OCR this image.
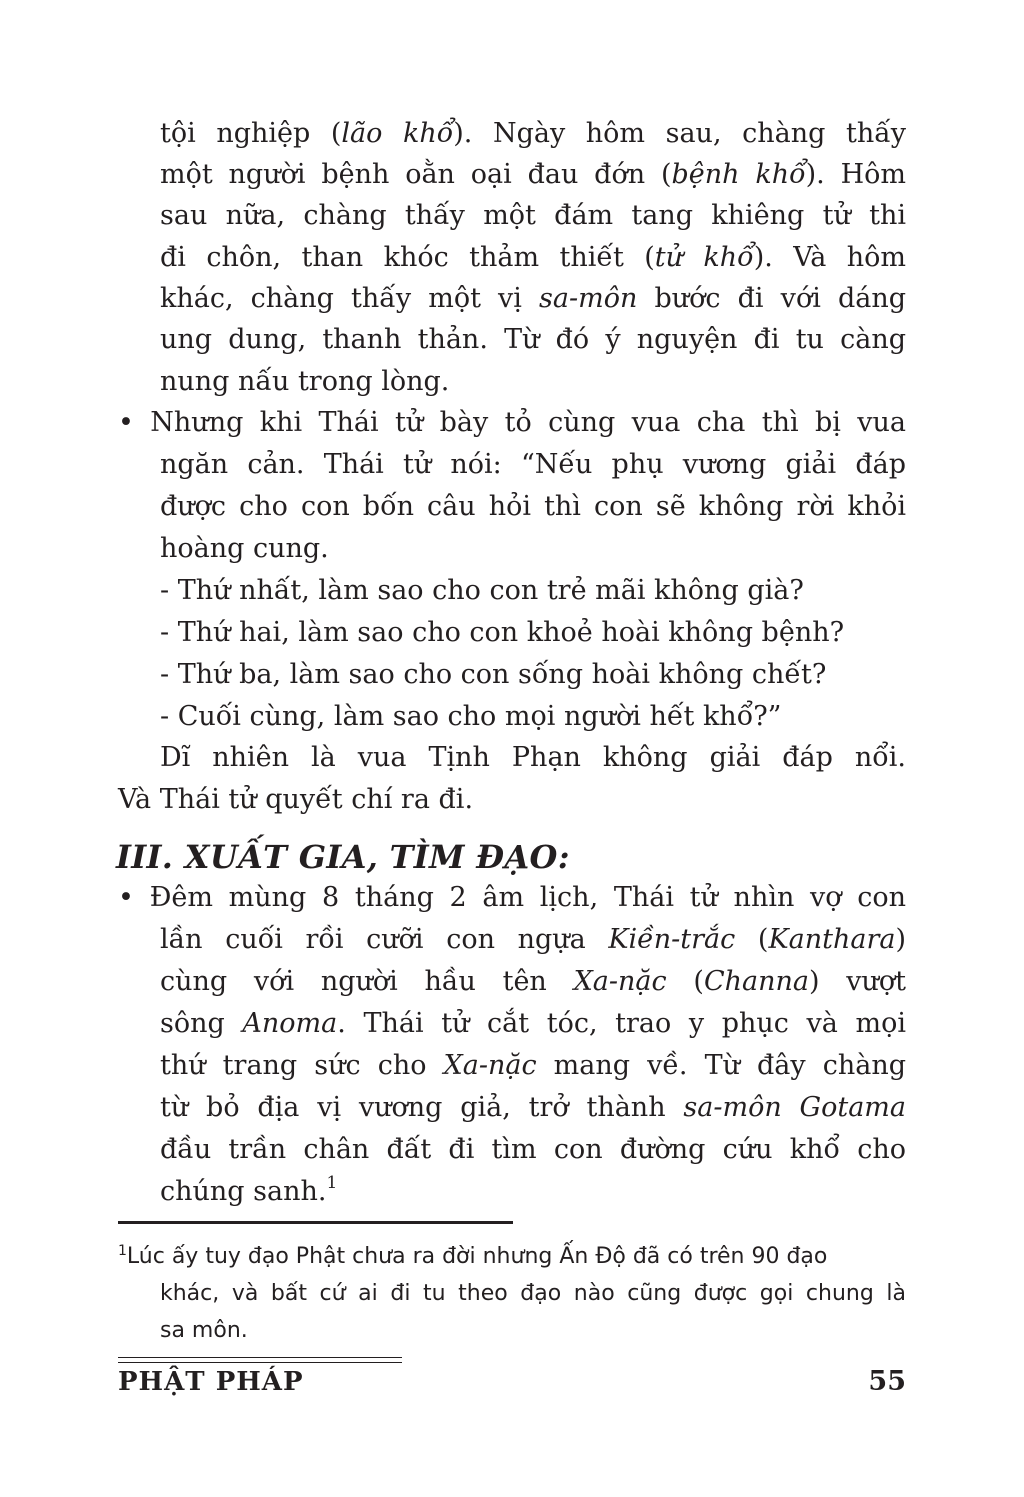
tội nghiệp (lão khổ). Ngày hôm sau, chàng thấy
một người bệnh oằn oại đau đớn (bệnh khổ). Hôm
sau nữa, chàng thấy một đám tang khiêng tử thi
đi chôn, than khóc thảm thiết (tử khổ). Và hôm
khác, chàng thấy một vị sa-môn bước đi với dáng
ung dung, thanh thản. Từ đó ý nguyện đi tu càng
nung nấu trong lòng.
• Nhưng khi Thái tử bày tỏ cùng vua cha thì bị vua
ngăn cản. Thái tử nói: “Nếu phụ vương giải đáp
được cho con bốn câu hỏi thì con sẽ không rời khỏi
hoàng cung.
- Thứ nhất, làm sao cho con trẻ mãi không già?
- Thứ hai, làm sao cho con khoẻ hoài không bệnh?
- Thứ ba, làm sao cho con sống hoài không chết?
- Cuối cùng, làm sao cho mọi người hết khổ?”
Dĩ nhiên là vua Tịnh Phạn không giải đáp nổi.
Và Thái tử quyết chí ra đi.
III. XUẤT GIA, TÌM ĐẠO:
• Đêm mùng 8 tháng 2 âm lịch, Thái tử nhìn vợ con
lần cuối rồi cưỡi con ngựa Kiền-trắc (Kanthara)
cùng với người hầu tên Xa-nặc (Channa) vượt
sông Anoma. Thái tử cắt tóc, trao y phục và mọi
thứ trang sức cho Xa-nặc mang về. Từ đây chàng
từ bỏ địa vị vương giả, trở thành sa-môn Gotama
đầu trần chân đất đi tìm con đường cứu khổ cho
chúng sanh.$^1$
$^1$Lúc ấy tuy đạo Phật chưa ra đời nhưng Ấn Độ đã có trên 90 đạo
khác, và bất cứ ai đi tu theo đạo nào cũng được gọi chung là
sa môn.
PHẬT PHÁP	55
